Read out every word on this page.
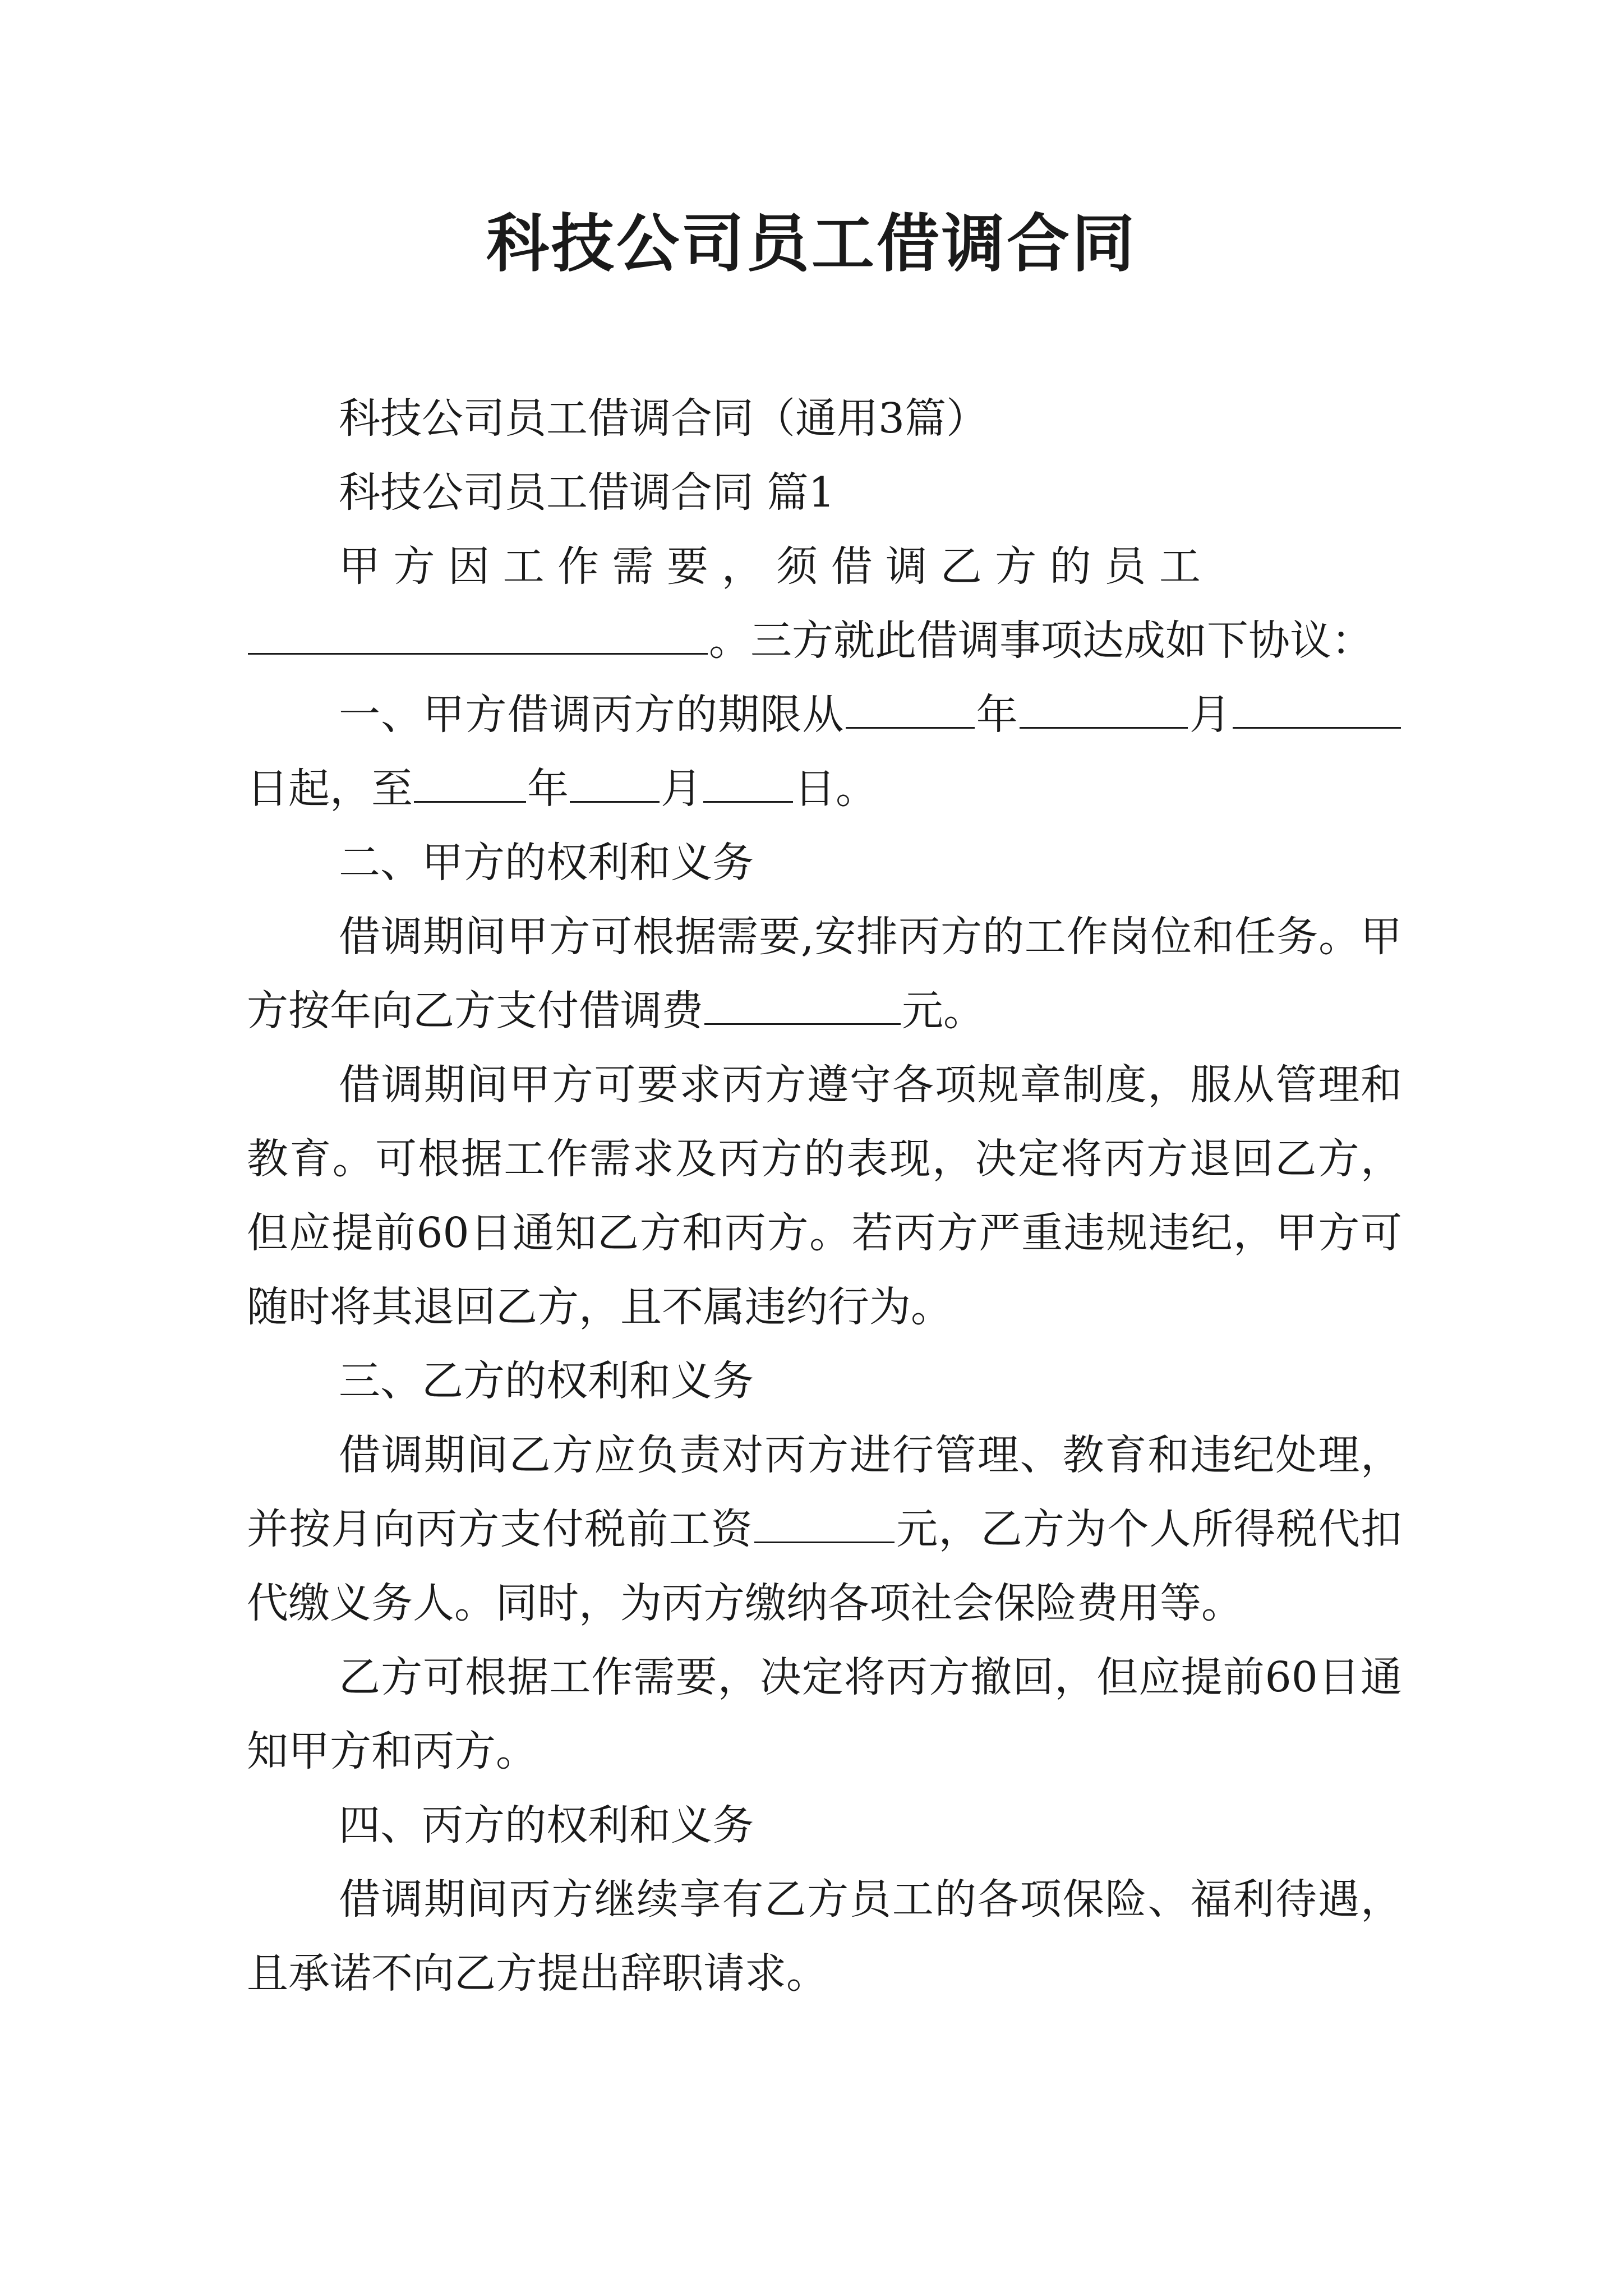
科技公司员工借调合同

科技公司员工借调合同（通用3篇）

科技公司员工借调合同 篇1

甲 方 因 工 作 需 要 ， 须 借 调 乙 方 的 员 工
。三方就此借调事项达成如下协议：

一、甲方借调丙方的期限从	年	月日起，至	年 月 日。

二、甲方的权利和义务

借调期间甲方可根据需要,安排丙方的工作岗位和任务。甲方按年向乙方支付借调费	元。

借调期间甲方可要求丙方遵守各项规章制度，服从管理和教育。可根据工作需求及丙方的表现，决定将丙方退回乙方，但应提前60日通知乙方和丙方。若丙方严重违规违纪，甲方可随时将其退回乙方，且不属违约行为。

三、乙方的权利和义务

借调期间乙方应负责对丙方进行管理、教育和违纪处理，并按月向丙方支付税前工资	元，乙方为个人所得税代扣代缴义务人。同时，为丙方缴纳各项社会保险费用等。

乙方可根据工作需要，决定将丙方撤回，但应提前60日通知甲方和丙方。

四、丙方的权利和义务

借调期间丙方继续享有乙方员工的各项保险、福利待遇，且承诺不向乙方提出辞职请求。
